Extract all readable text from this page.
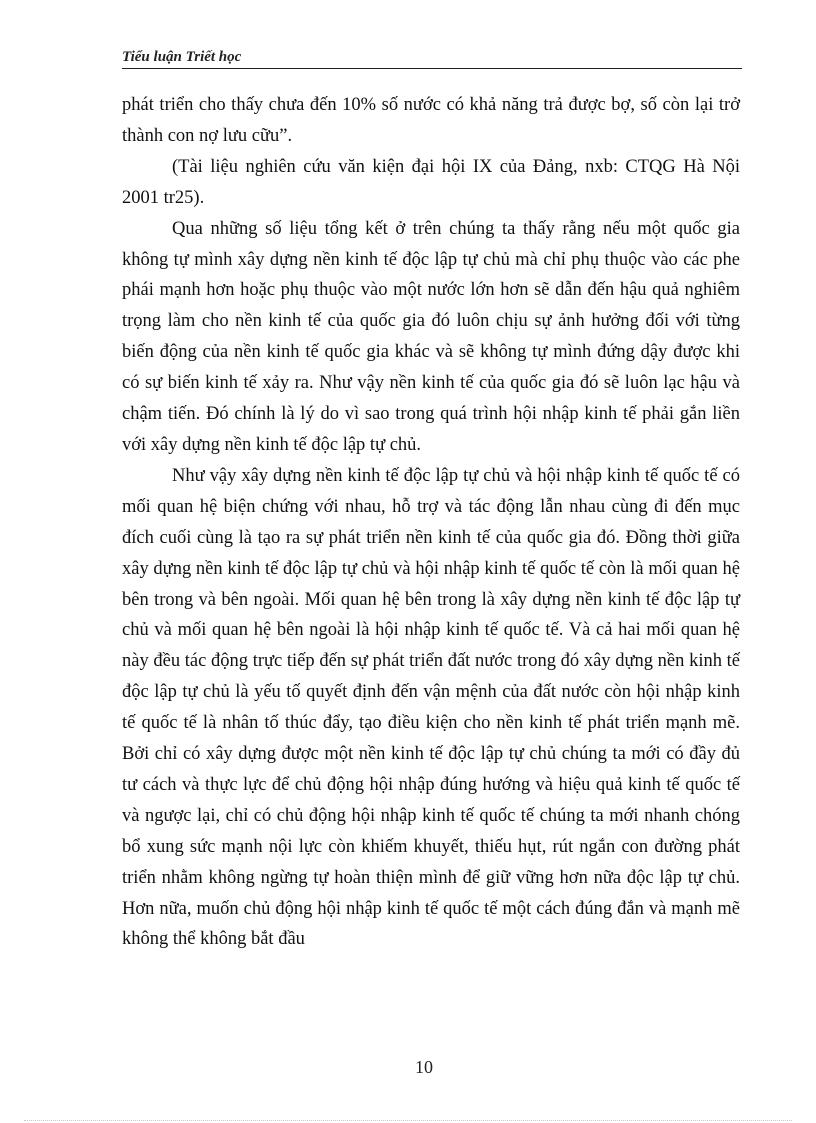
Tiểu luận Triết học

phát triển cho thấy chưa đến 10% số nước có khả năng trả được bợ, số còn lại trở thành con nợ lưu cữu”.

(Tài liệu nghiên cứu văn kiện đại hội IX của Đảng, nxb: CTQG Hà Nội 2001 tr25).

Qua những số liệu tổng kết ở trên chúng ta thấy rằng nếu một quốc gia không tự mình xây dựng nền kinh tế độc lập tự chủ mà chỉ phụ thuộc vào các phe phái mạnh hơn hoặc phụ thuộc vào một nước lớn hơn sẽ dẫn đến hậu quả nghiêm trọng làm cho nền kinh tế của quốc gia đó luôn chịu sự ảnh hưởng đối với từng biến động của nền kinh tế quốc gia khác và sẽ không tự mình đứng dậy được khi có sự biến kinh tế xảy ra. Như vậy nền kinh tế của quốc gia đó sẽ luôn lạc hậu và chậm tiến. Đó chính là lý do vì sao trong quá trình hội nhập kinh tế phải gắn liền với xây dựng nền kinh tế độc lập tự chủ.

Như vậy xây dựng nền kinh tế độc lập tự chủ và hội nhập kinh tế quốc tế có mối quan hệ biện chứng với nhau, hỗ trợ và tác động lẫn nhau cùng đi đến mục đích cuối cùng là tạo ra sự phát triển nền kinh tế của quốc gia đó. Đồng thời giữa xây dựng nền kinh tế độc lập tự chủ và hội nhập kinh tế quốc tế còn là mối quan hệ bên trong và bên ngoài. Mối quan hệ bên trong là xây dựng nền kinh tế độc lập tự chủ và mối quan hệ bên ngoài là hội nhập kinh tế quốc tế. Và cả hai mối quan hệ này đều tác động trực tiếp đến sự phát triển đất nước trong đó xây dựng nền kinh tế độc lập tự chủ là yếu tố quyết định đến vận mệnh của đất nước còn hội nhập kinh tế quốc tế là nhân tố thúc đẩy, tạo điều kiện cho nền kinh tế phát triển mạnh mẽ. Bởi chỉ có xây dựng được một nền kinh tế độc lập tự chủ chúng ta mới có đầy đủ tư cách và thực lực để chủ động hội nhập đúng hướng và hiệu quả kinh tế quốc tế và ngược lại, chỉ có chủ động hội nhập kinh tế quốc tế chúng ta mới nhanh chóng bổ xung sức mạnh nội lực còn khiếm khuyết, thiếu hụt, rút ngắn con đường phát triển nhằm không ngừng tự hoàn thiện mình để giữ vững hơn nữa độc lập tự chủ. Hơn nữa, muốn chủ động hội nhập kinh tế quốc tế một cách đúng đắn và mạnh mẽ không thể không bắt đầu

10
